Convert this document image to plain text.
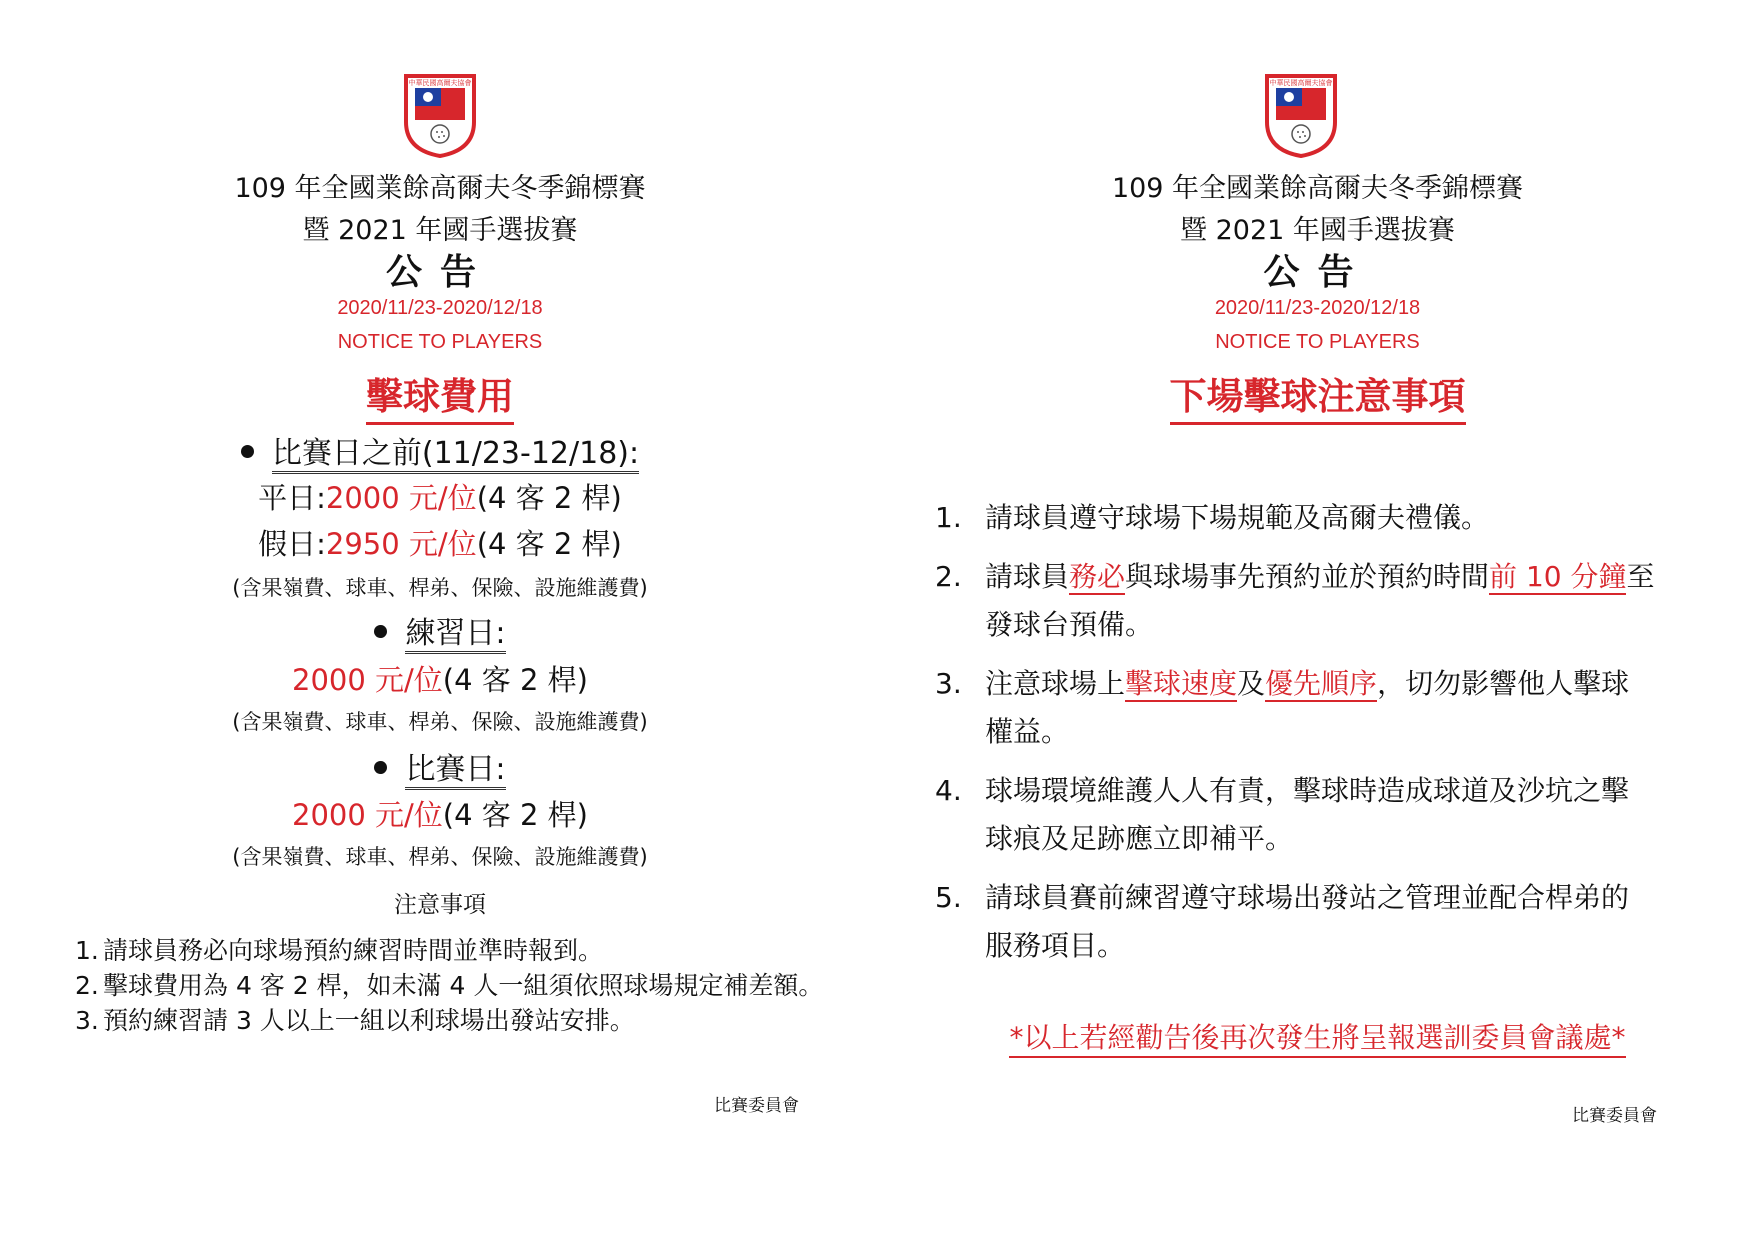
中華民國高爾夫協會
109 年全國業餘高爾夫冬季錦標賽
暨 2021 年國手選拔賽
公告
2020/11/23-2020/12/18
NOTICE TO PLAYERS
擊球費用
比賽日之前(11/23-12/18):
平日:2000 元/位(4 客 2 桿)
假日:2950 元/位(4 客 2 桿)
(含果嶺費、球車、桿弟、保險、設施維護費)
練習日:
2000 元/位(4 客 2 桿)
(含果嶺費、球車、桿弟、保險、設施維護費)
比賽日:
2000 元/位(4 客 2 桿)
(含果嶺費、球車、桿弟、保險、設施維護費)
注意事項
1. 請球員務必向球場預約練習時間並準時報到。
2. 擊球費用為 4 客 2 桿，如未滿 4 人一組須依照球場規定補差額。
3. 預約練習請 3 人以上一組以利球場出發站安排。
比賽委員會
中華民國高爾夫協會
109 年全國業餘高爾夫冬季錦標賽
暨 2021 年國手選拔賽
公告
2020/11/23-2020/12/18
NOTICE TO PLAYERS
下場擊球注意事項
1. 請球員遵守球場下場規範及高爾夫禮儀。
2. 請球員務必與球場事先預約並於預約時間前 10 分鐘至發球台預備。
3. 注意球場上擊球速度及優先順序，切勿影響他人擊球權益。
4. 球場環境維護人人有責，擊球時造成球道及沙坑之擊球痕及足跡應立即補平。
5. 請球員賽前練習遵守球場出發站之管理並配合桿弟的服務項目。
*以上若經勸告後再次發生將呈報選訓委員會議處*
比賽委員會
